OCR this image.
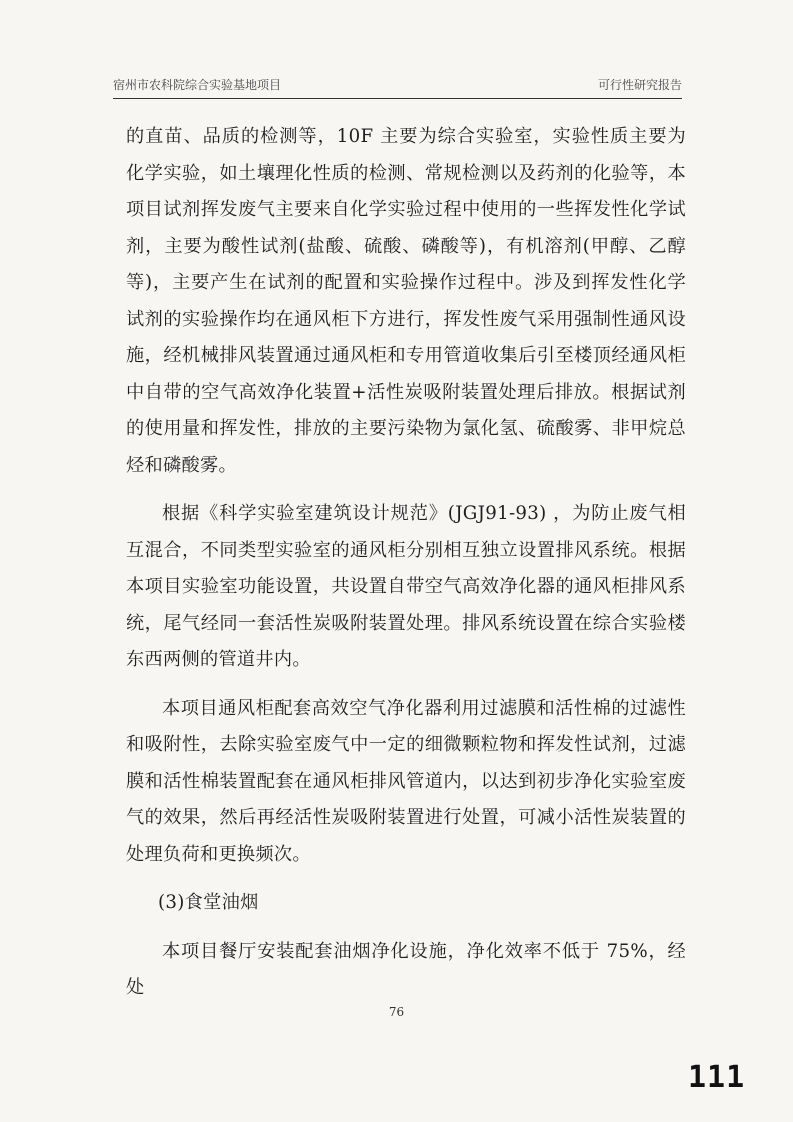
宿州市农科院综合实验基地项目	可行性研究报告

的直苗、品质的检测等，10F 主要为综合实验室，实验性质主要为化学实验，如土壤理化性质的检测、常规检测以及药剂的化验等，本项目试剂挥发废气主要来自化学实验过程中使用的一些挥发性化学试剂，主要为酸性试剂(盐酸、硫酸、磷酸等)，有机溶剂(甲醇、乙醇等)，主要产生在试剂的配置和实验操作过程中。涉及到挥发性化学试剂的实验操作均在通风柜下方进行，挥发性废气采用强制性通风设施，经机械排风装置通过通风柜和专用管道收集后引至楼顶经通风柜中自带的空气高效净化装置+活性炭吸附装置处理后排放。根据试剂的使用量和挥发性，排放的主要污染物为氯化氢、硫酸雾、非甲烷总烃和磷酸雾。

根据《科学实验室建筑设计规范》(JGJ91-93) ，为防止废气相互混合，不同类型实验室的通风柜分别相互独立设置排风系统。根据本项目实验室功能设置，共设置自带空气高效净化器的通风柜排风系统，尾气经同一套活性炭吸附装置处理。排风系统设置在综合实验楼东西两侧的管道井内。

本项目通风柜配套高效空气净化器利用过滤膜和活性棉的过滤性和吸附性，去除实验室废气中一定的细微颗粒物和挥发性试剂，过滤膜和活性棉装置配套在通风柜排风管道内，以达到初步净化实验室废气的效果，然后再经活性炭吸附装置进行处置，可减小活性炭装置的处理负荷和更换频次。

(3)食堂油烟

本项目餐厅安装配套油烟净化设施，净化效率不低于 75%，经处

76
111
